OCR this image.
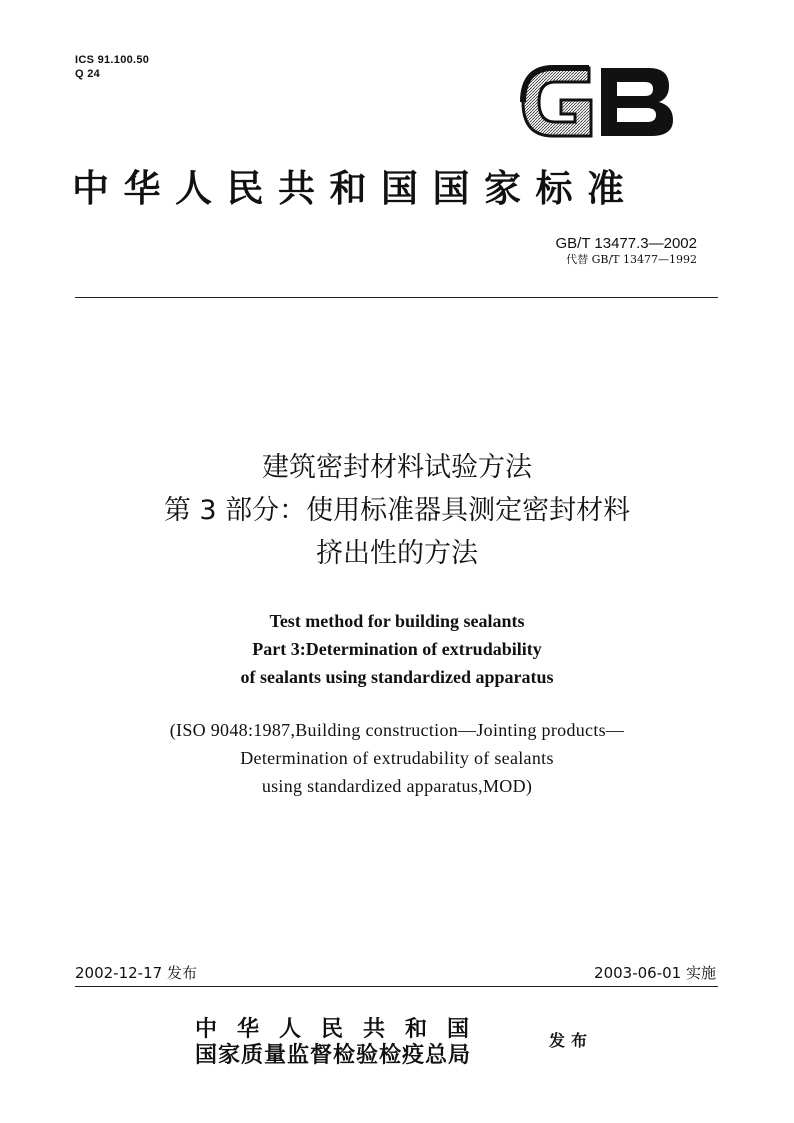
ICS 91.100.50
Q 24
中华人民共和国国家标准
GB/T 13477.3—2002
代替 GB/T 13477—1992
建筑密封材料试验方法
第 3 部分：使用标准器具测定密封材料
挤出性的方法
Test method for building sealants
Part 3:Determination of extrudability
of sealants using standardized apparatus
(ISO 9048:1987,Building construction—Jointing products—
Determination of extrudability of sealants
using standardized apparatus,MOD)
2002-12-17 发布	2003-06-01 实施
中华人民共和国
国家质量监督检验检疫总局
发布
